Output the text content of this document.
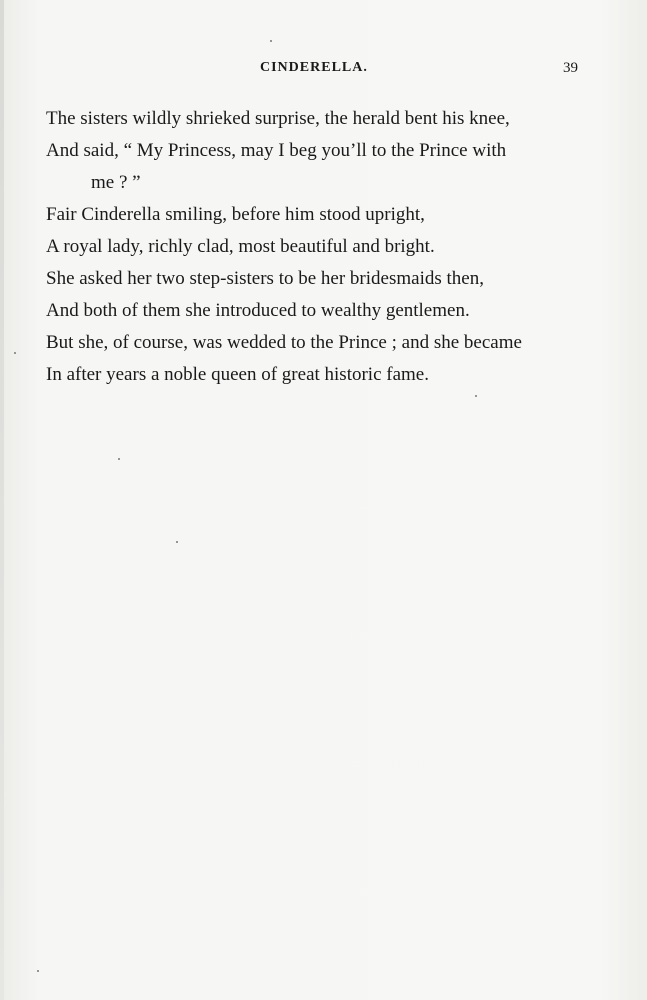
CINDERELLA.	39
The sisters wildly shrieked surprise, the herald bent his knee,
And said, “ My Princess, may I beg you’ll to the Prince with
me ? ”
Fair Cinderella smiling, before him stood upright,
A royal lady, richly clad, most beautiful and bright.
She asked her two step-sisters to be her bridesmaids then,
And both of them she introduced to wealthy gentlemen.
But she, of course, was wedded to the Prince ; and she became
In after years a noble queen of great historic fame.
